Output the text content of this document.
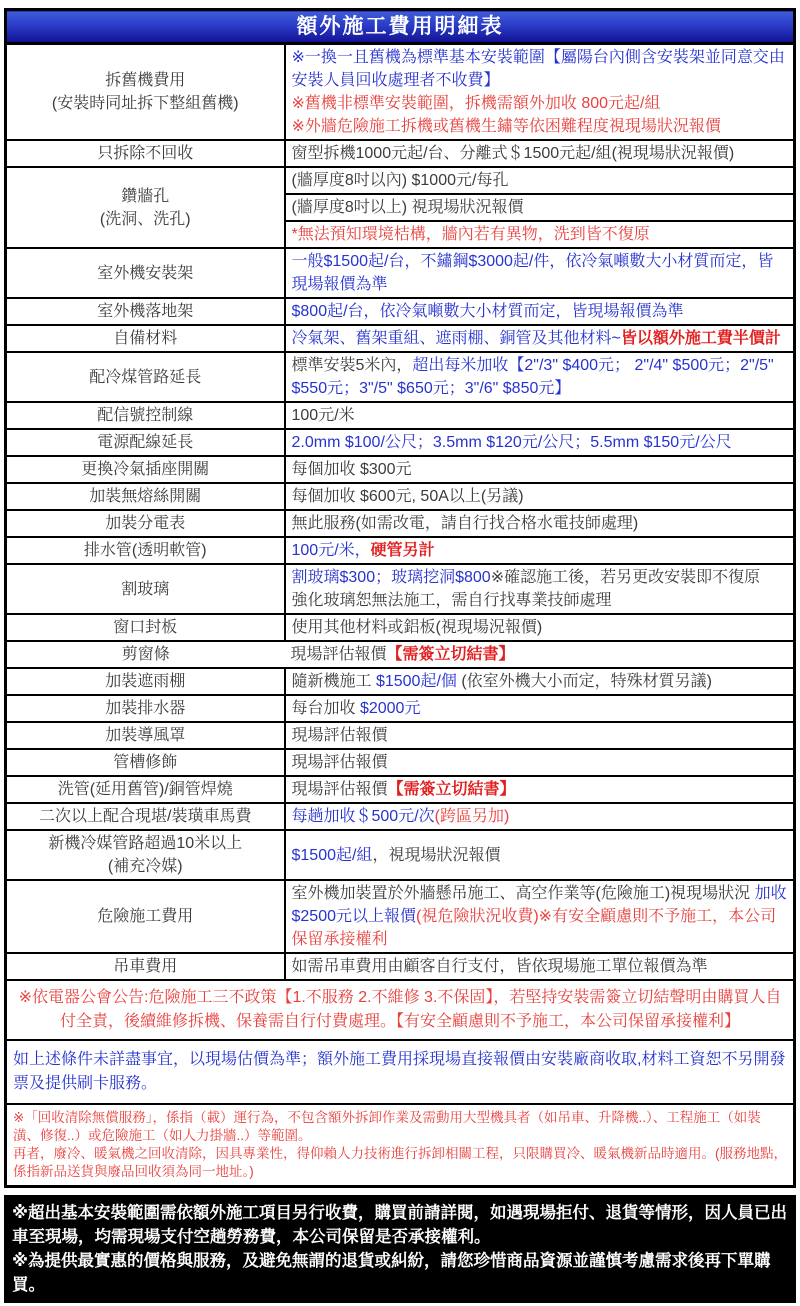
額外施工費用明細表	
拆舊機費用
(安裝時同址拆下整組舊機)	※一換一且舊機為標準基本安裝範圍【屬陽台內側含安裝架並同意交由安裝人員回收處理者不收費】
※舊機非標準安裝範圍，拆機需額外加收 800元起/組
※外牆危險施工拆機或舊機生鏽等依困難程度視現場狀況報價
只拆除不回收	窗型拆機1000元起/台、分離式＄1500元起/組(視現場狀況報價)
鑽牆孔
(洗洞、洗孔)	(牆厚度8吋以內) $1000元/每孔
	(牆厚度8吋以上) 視現場狀況報價
	*無法預知環境桔構，牆內若有異物，洗到皆不復原
室外機安裝架	一般$1500起/台，不鏽鋼$3000起/件，依冷氣噸數大小材質而定，皆現場報價為準
室外機落地架	$800起/台，依冷氣噸數大小材質而定，皆現場報價為準
自備材料	冷氣架、舊架重組、遮雨棚、銅管及其他材料~皆以額外施工費半價計
配冷煤管路延長	標準安裝5米內，超出每米加收【2"/3" $400元； 2"/4" $500元；2"/5" $550元；3"/5" $650元；3"/6" $850元】
配信號控制線	100元/米
電源配線延長	2.0mm $100/公尺；3.5mm $120元/公尺；5.5mm $150元/公尺
更換冷氣插座開關	每個加收 $300元
加裝無熔絲開關	每個加收 $600元, 50A以上(另議)
加裝分電表	無此服務(如需改電，請自行找合格水電技師處理)
排水管(透明軟管)	100元/米，硬管另計
割玻璃	割玻璃$300；玻璃挖洞$800※確認施工後，若另更改安裝即不復原
強化玻璃恕無法施工，需自行找專業技師處理
窗口封板	使用其他材料或鋁板(視現場況報價)
剪窗條	現場評估報價【需簽立切結書】
加裝遮雨棚	隨新機施工 $1500起/個 (依室外機大小而定，特殊材質另議)
加裝排水器	每台加收 $2000元
加裝導風罩	現場評估報價
管槽修飾	現場評估報價
洗管(延用舊管)/銅管焊燒	現場評估報價【需簽立切結書】
二次以上配合現堪/裝璜車馬費	每趟加收＄500元/次(跨區另加)
新機冷媒管路超過10米以上
(補充冷媒)	$1500起/組，視現場狀況報價
危險施工費用	室外機加裝置於外牆懸吊施工、高空作業等(危險施工)視現場狀況 加收 $2500元以上報價(視危險狀況收費)※有安全顧慮則不予施工，本公司保留承接權利
吊車費用	如需吊車費用由顧客自行支付，皆依現場施工單位報價為準
※依電器公會公告:危險施工三不政策【1.不服務 2.不維修 3.不保固】，若堅持安裝需簽立切結聲明由購買人自付全責，後續維修拆機、保養需自行付費處理。【有安全顧慮則不予施工，本公司保留承接權利】	
如上述條件未詳盡事宜，以現場估價為準；額外施工費用採現場直接報價由安裝廠商收取,材料工資恕不另開發票及提供刷卡服務。	
※「回收清除無償服務」，係指（載）運行為，不包含額外拆卸作業及需動用大型機具者（如吊車、升降機..）、工程施工（如裝潢、修復..）或危險施工（如人力掛牆..）等範圍。
再者，廢冷、暖氣機之回收清除，因具專業性，得仰賴人力技術進行拆卸相關工程，只限購買冷、暖氣機新品時適用。(服務地點，係指新品送貨與廢品回收須為同一地址。)	
※超出基本安裝範圍需依額外施工項目另行收費，購買前請詳閱，如遇現場拒付、退貨等情形，因人員已出車至現場，均需現場支付空趟勞務費，本公司保留是否承接權利。
※為提供最實惠的價格與服務，及避免無謂的退貨或糾紛，請您珍惜商品資源並謹慎考慮需求後再下單購買。
